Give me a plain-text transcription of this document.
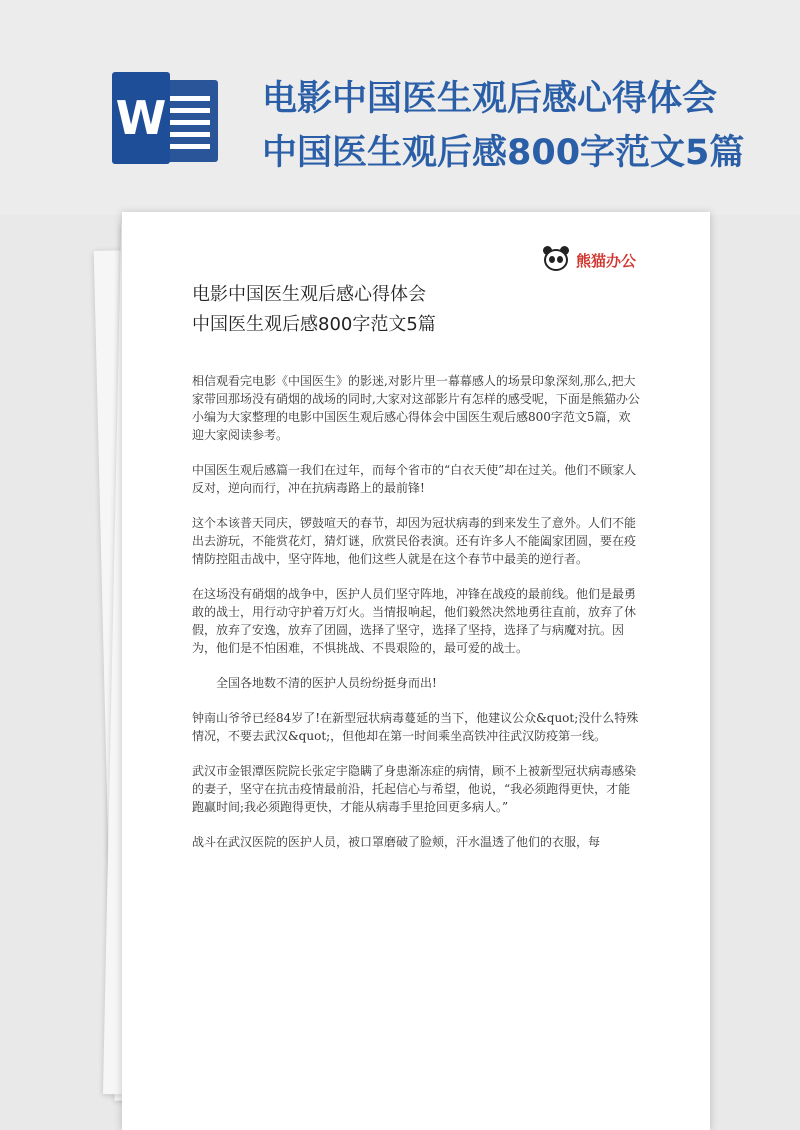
W	电影中国医生观后感心得体会
中国医生观后感800字范文5篇
熊猫办公
电影中国医生观后感心得体会
中国医生观后感800字范文5篇

相信观看完电影《中国医生》的影迷,对影片里一幕幕感人的场景印象深刻,那么,把大家带回那场没有硝烟的战场的同时,大家对这部影片有怎样的感受呢，下面是熊猫办公小编为大家整理的电影中国医生观后感心得体会中国医生观后感800字范文5篇，欢迎大家阅读参考。

中国医生观后感篇一我们在过年，而每个省市的“白衣天使”却在过关。他们不顾家人反对，逆向而行，冲在抗病毒路上的最前锋!

这个本该普天同庆，锣鼓喧天的春节，却因为冠状病毒的到来发生了意外。人们不能出去游玩，不能赏花灯，猜灯谜，欣赏民俗表演。还有许多人不能阖家团圆，要在疫情防控阻击战中，坚守阵地，他们这些人就是在这个春节中最美的逆行者。

在这场没有硝烟的战争中，医护人员们坚守阵地，冲锋在战疫的最前线。他们是最勇敢的战士，用行动守护着万灯火。当情报响起，他们毅然决然地勇往直前，放弃了休假，放弃了安逸，放弃了团圆，选择了坚守，选择了坚持，选择了与病魔对抗。因为，他们是不怕困难，不惧挑战、不畏艰险的，最可爱的战士。

全国各地数不清的医护人员纷纷挺身而出!

钟南山爷爷已经84岁了!在新型冠状病毒蔓延的当下，他建议公众&quot;没什么特殊情况，不要去武汉&quot;，但他却在第一时间乘坐高铁冲往武汉防疫第一线。

武汉市金银潭医院院长张定宇隐瞒了身患渐冻症的病情，顾不上被新型冠状病毒感染的妻子，坚守在抗击疫情最前沿，托起信心与希望，他说，“我必须跑得更快，才能跑赢时间;我必须跑得更快，才能从病毒手里抢回更多病人。”

战斗在武汉医院的医护人员，被口罩磨破了脸颊，汗水温透了他们的衣服，每
